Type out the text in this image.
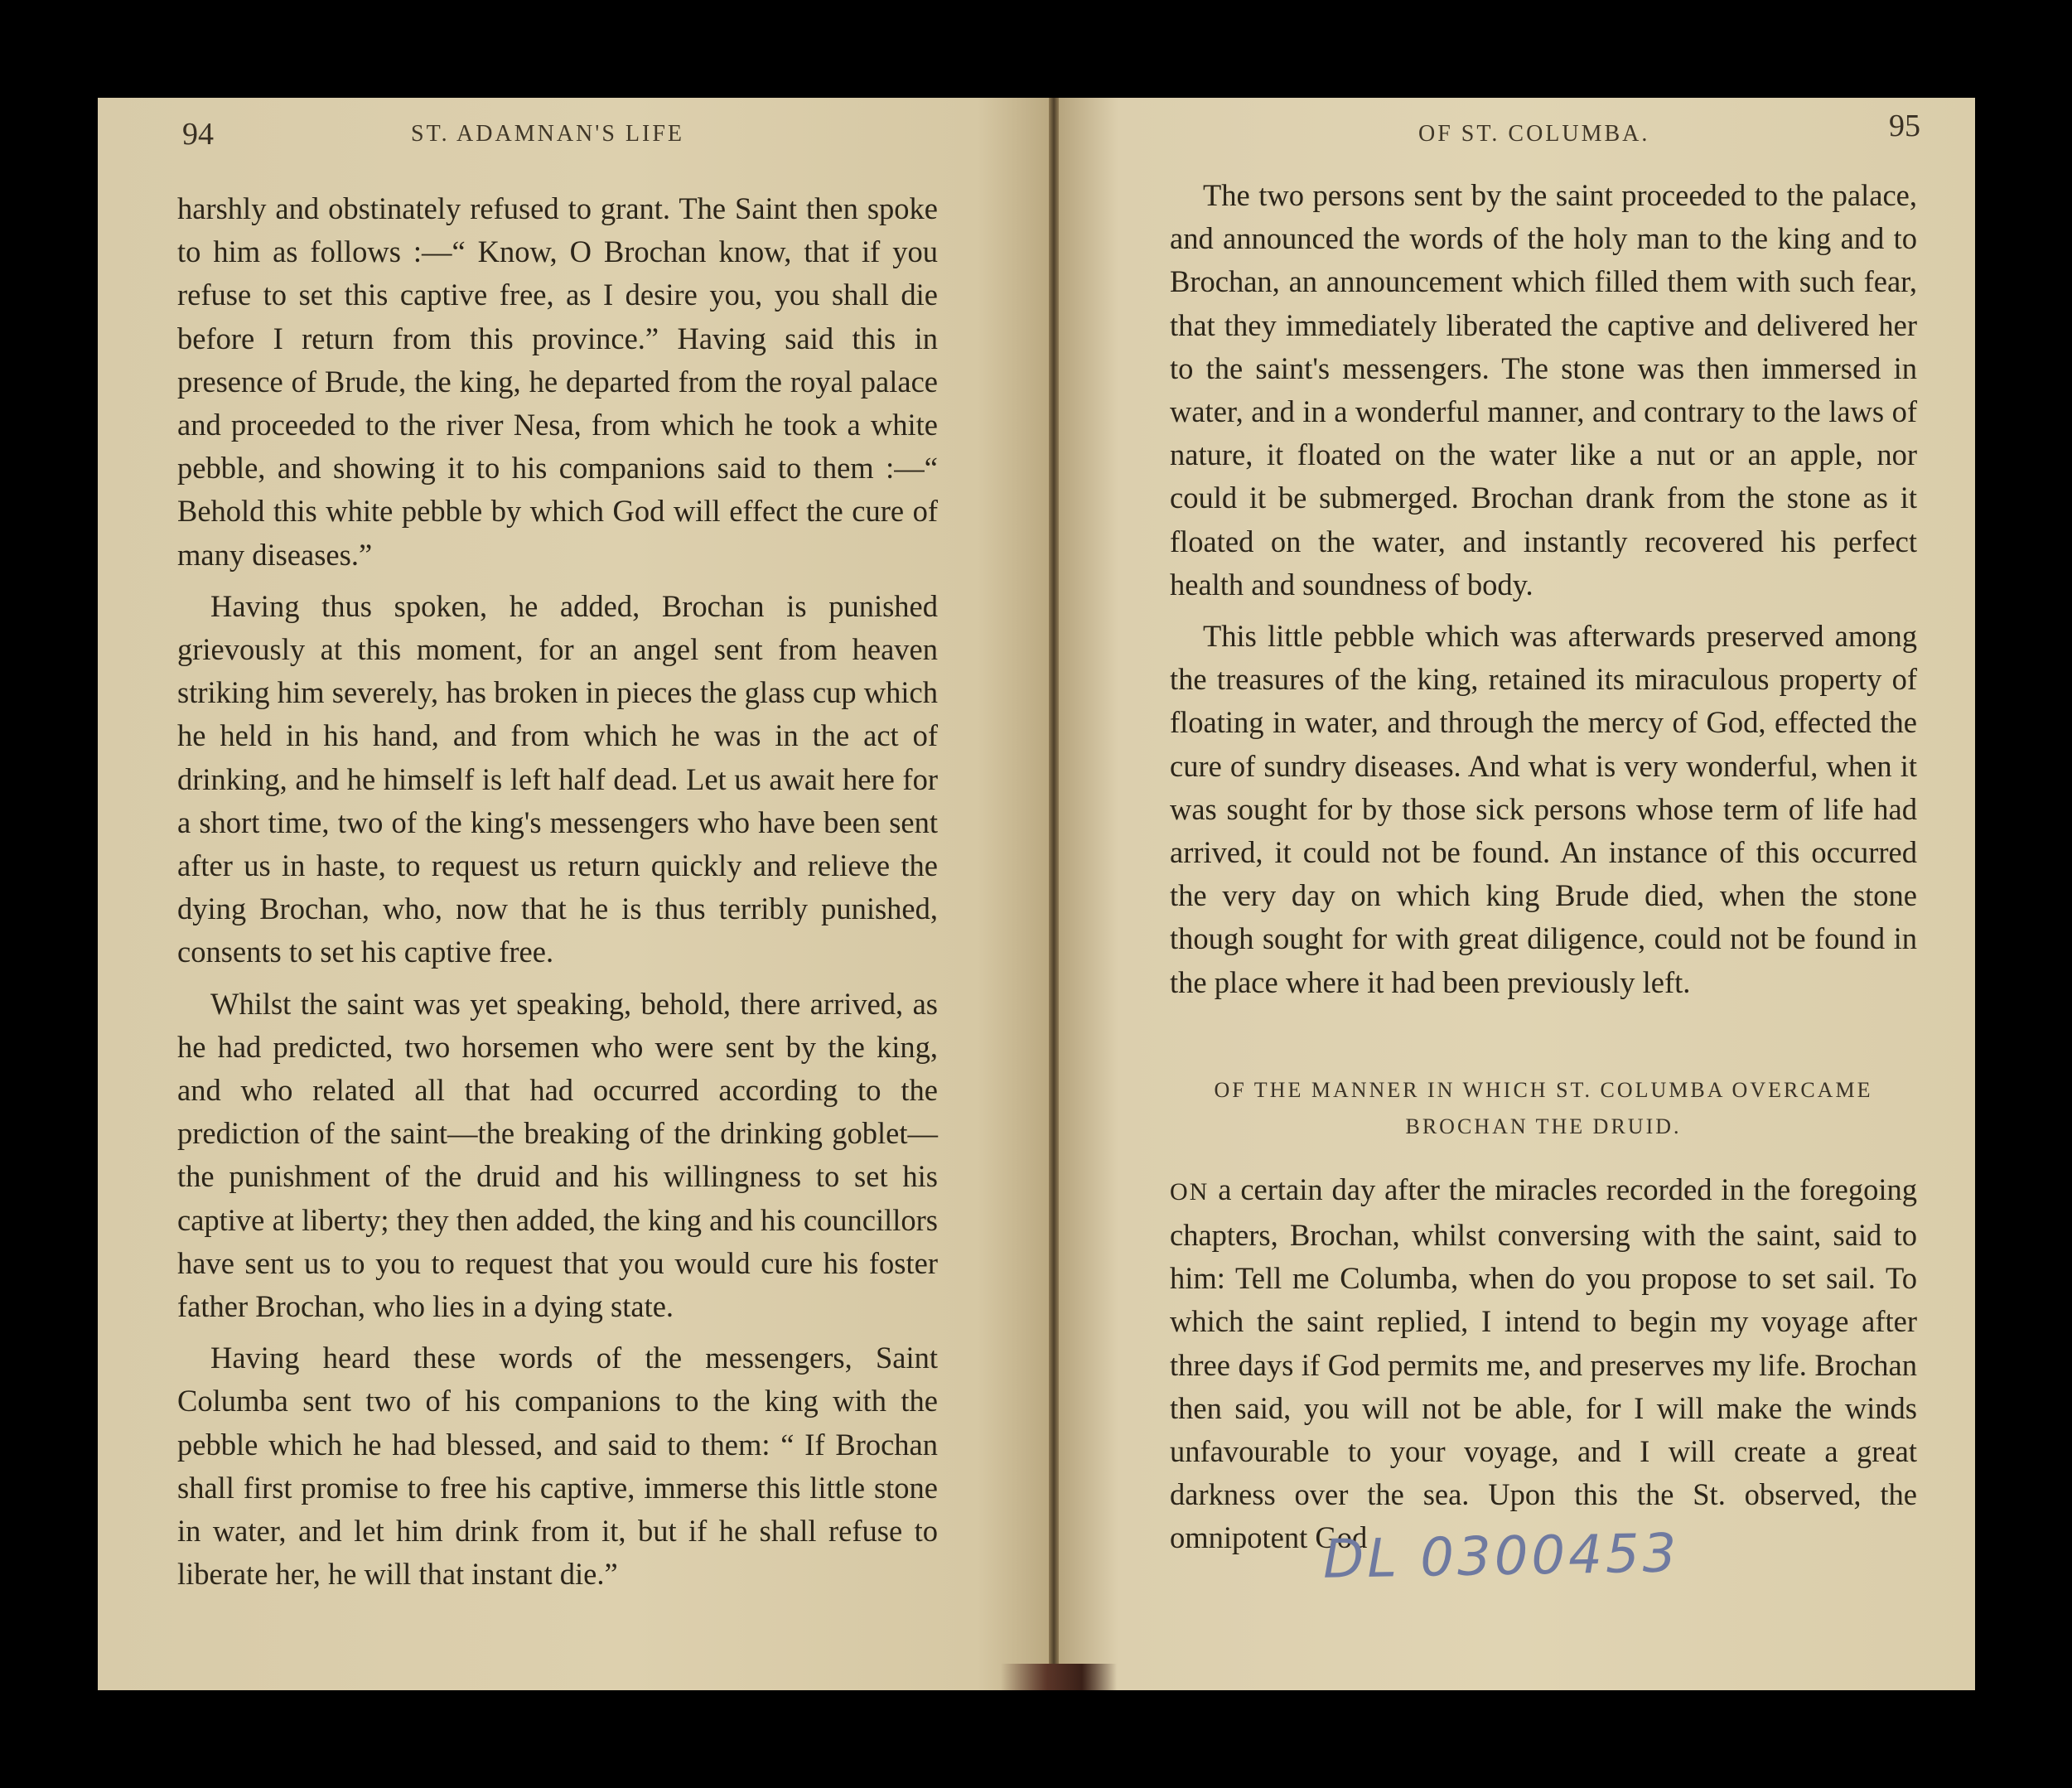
94	ST. ADAMNAN'S LIFE

harshly and obstinately refused to grant. The Saint then spoke to him as follows :—“ Know, O Brochan know, that if you refuse to set this captive free, as I desire you, you shall die before I return from this province.” Having said this in presence of Brude, the king, he departed from the royal palace and proceeded to the river Nesa, from which he took a white pebble, and showing it to his companions said to them :—“ Behold this white pebble by which God will effect the cure of many diseases.”

Having thus spoken, he added, Brochan is punished grievously at this moment, for an angel sent from heaven striking him severely, has broken in pieces the glass cup which he held in his hand, and from which he was in the act of drinking, and he himself is left half dead. Let us await here for a short time, two of the king's messengers who have been sent after us in haste, to request us return quickly and relieve the dying Brochan, who, now that he is thus terribly punished, consents to set his captive free.

Whilst the saint was yet speaking, behold, there arrived, as he had predicted, two horsemen who were sent by the king, and who related all that had occurred according to the prediction of the saint—the breaking of the drinking goblet—the punishment of the druid and his willingness to set his captive at liberty; they then added, the king and his councillors have sent us to you to request that you would cure his foster father Brochan, who lies in a dying state.

Having heard these words of the messengers, Saint Columba sent two of his companions to the king with the pebble which he had blessed, and said to them: “ If Brochan shall first promise to free his captive, immerse this little stone in water, and let him drink from it, but if he shall refuse to liberate her, he will that instant die.”

OF ST. COLUMBA.	95

The two persons sent by the saint proceeded to the palace, and announced the words of the holy man to the king and to Brochan, an announcement which filled them with such fear, that they immediately liberated the captive and delivered her to the saint's messengers. The stone was then immersed in water, and in a wonderful manner, and contrary to the laws of nature, it floated on the water like a nut or an apple, nor could it be submerged. Brochan drank from the stone as it floated on the water, and instantly recovered his perfect health and soundness of body.

This little pebble which was afterwards preserved among the treasures of the king, retained its miraculous property of floating in water, and through the mercy of God, effected the cure of sundry diseases. And what is very wonderful, when it was sought for by those sick persons whose term of life had arrived, it could not be found. An instance of this occurred the very day on which king Brude died, when the stone though sought for with great diligence, could not be found in the place where it had been previously left.

OF THE MANNER IN WHICH ST. COLUMBA OVERCAME BROCHAN THE DRUID.

ON a certain day after the miracles recorded in the foregoing chapters, Brochan, whilst conversing with the saint, said to him: Tell me Columba, when do you propose to set sail. To which the saint replied, I intend to begin my voyage after three days if God permits me, and preserves my life. Brochan then said, you will not be able, for I will make the winds unfavourable to your voyage, and I will create a great darkness over the sea. Upon this the St. observed, the omnipotent God

DL 0300453
